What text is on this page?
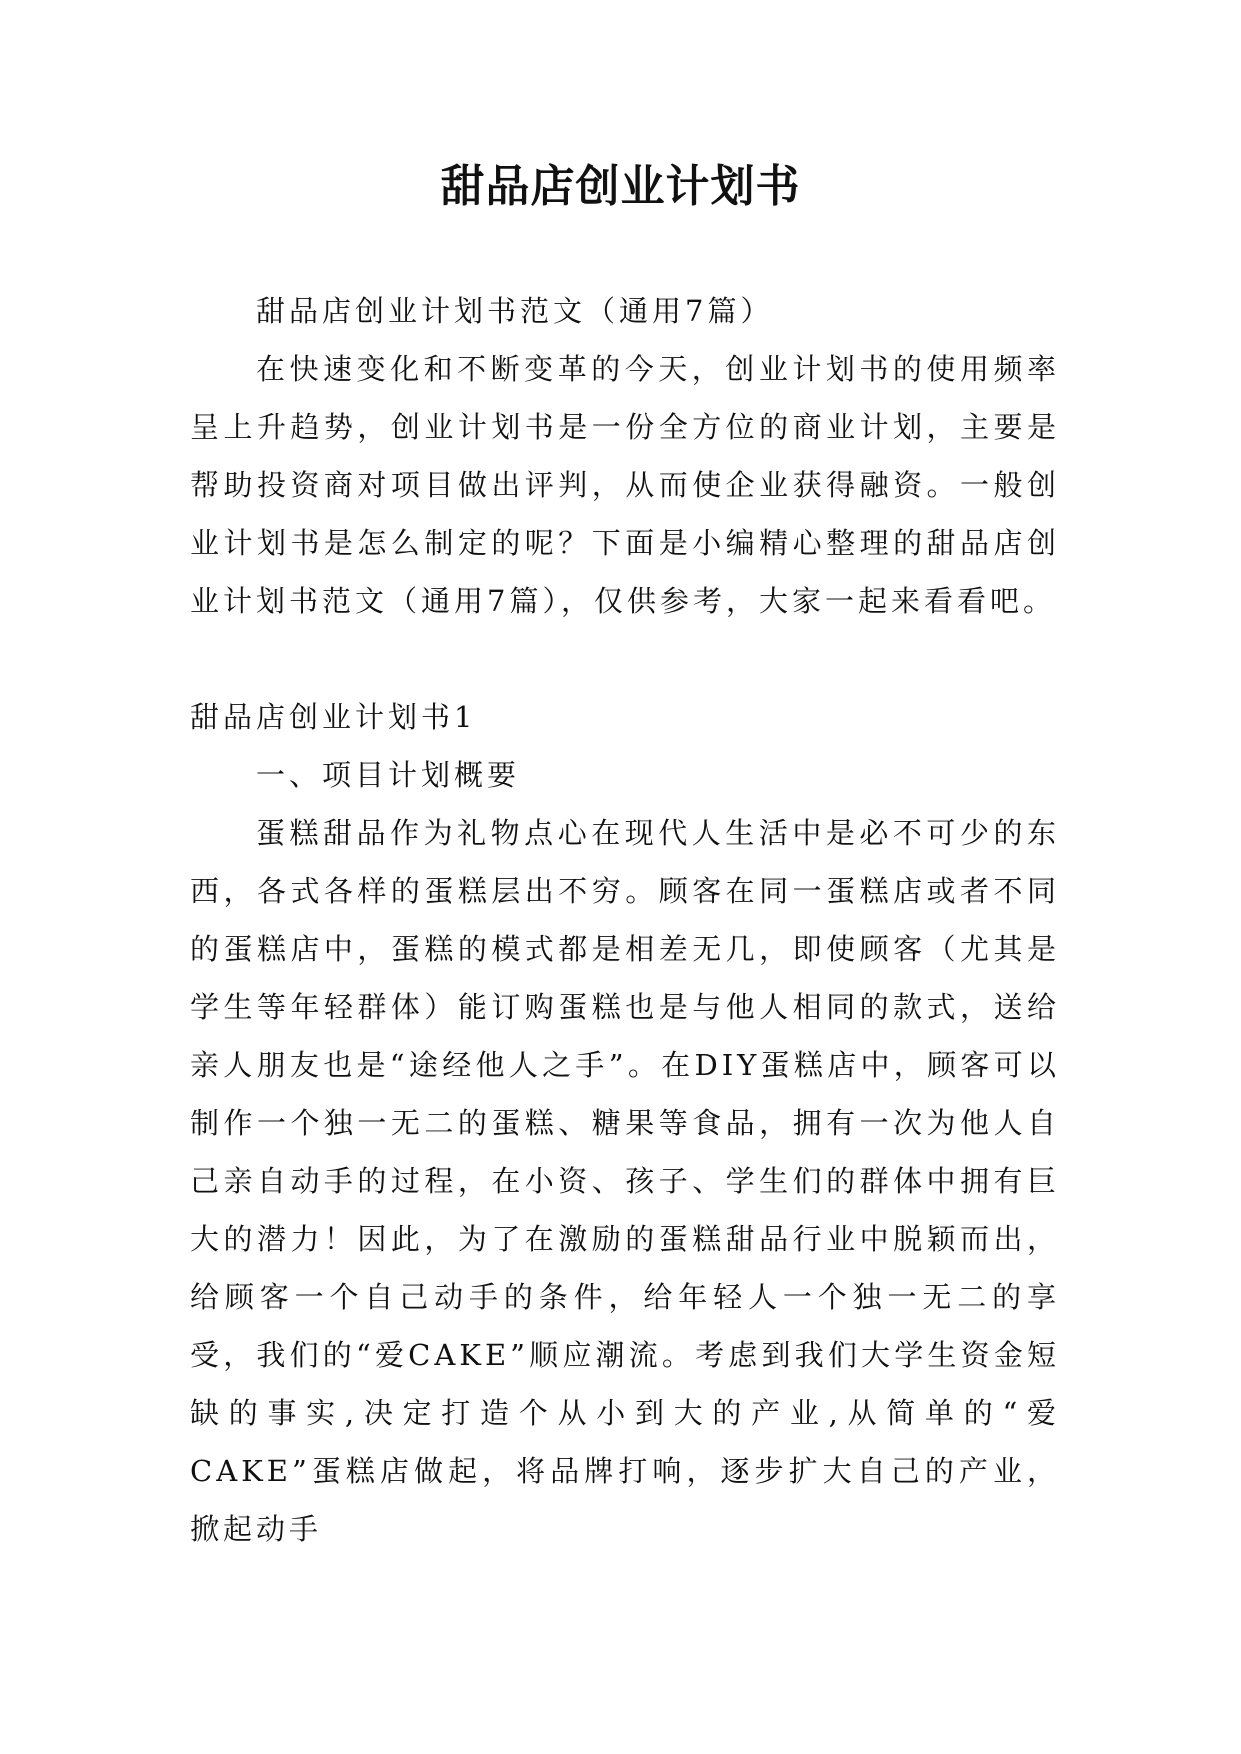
甜品店创业计划书

甜品店创业计划书范文（通用7篇）

在快速变化和不断变革的今天，创业计划书的使用频率呈上升趋势，创业计划书是一份全方位的商业计划，主要是帮助投资商对项目做出评判，从而使企业获得融资。一般创业计划书是怎么制定的呢？下面是小编精心整理的甜品店创业计划书范文（通用7篇），仅供参考，大家一起来看看吧。

甜品店创业计划书1

一、项目计划概要

蛋糕甜品作为礼物点心在现代人生活中是必不可少的东西，各式各样的蛋糕层出不穷。顾客在同一蛋糕店或者不同的蛋糕店中，蛋糕的模式都是相差无几，即使顾客（尤其是学生等年轻群体）能订购蛋糕也是与他人相同的款式，送给亲人朋友也是“途经他人之手”。在DIY蛋糕店中，顾客可以制作一个独一无二的蛋糕、糖果等食品，拥有一次为他人自己亲自动手的过程，在小资、孩子、学生们的群体中拥有巨大的潜力！因此，为了在激励的蛋糕甜品行业中脱颖而出，给顾客一个自己动手的条件，给年轻人一个独一无二的享受，我们的“爱CAKE”顺应潮流。考虑到我们大学生资金短缺的事实,决定打造个从小到大的产业,从简单的“爱CAKE”蛋糕店做起，将品牌打响，逐步扩大自己的产业，掀起动手
